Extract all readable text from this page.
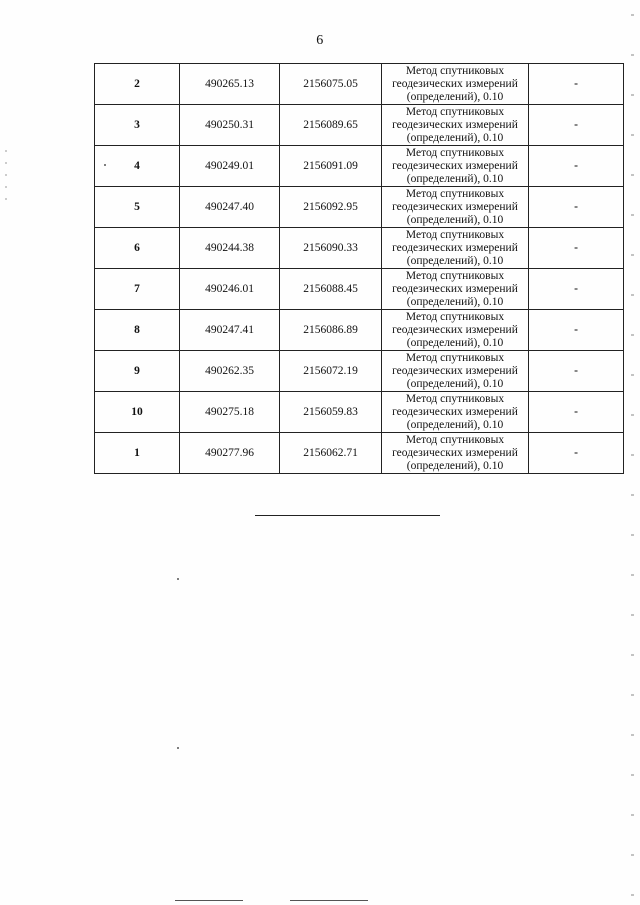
6
2	490265.13	2156075.05	Метод спутниковых
геодезических измерений
(определений), 0.10	-
3	490250.31	2156089.65	Метод спутниковых
геодезических измерений
(определений), 0.10	-
4	490249.01	2156091.09	Метод спутниковых
геодезических измерений
(определений), 0.10	-
5	490247.40	2156092.95	Метод спутниковых
геодезических измерений
(определений), 0.10	-
6	490244.38	2156090.33	Метод спутниковых
геодезических измерений
(определений), 0.10	-
7	490246.01	2156088.45	Метод спутниковых
геодезических измерений
(определений), 0.10	-
8	490247.41	2156086.89	Метод спутниковых
геодезических измерений
(определений), 0.10	-
9	490262.35	2156072.19	Метод спутниковых
геодезических измерений
(определений), 0.10	-
10	490275.18	2156059.83	Метод спутниковых
геодезических измерений
(определений), 0.10	-
1	490277.96	2156062.71	Метод спутниковых
геодезических измерений
(определений), 0.10	-
